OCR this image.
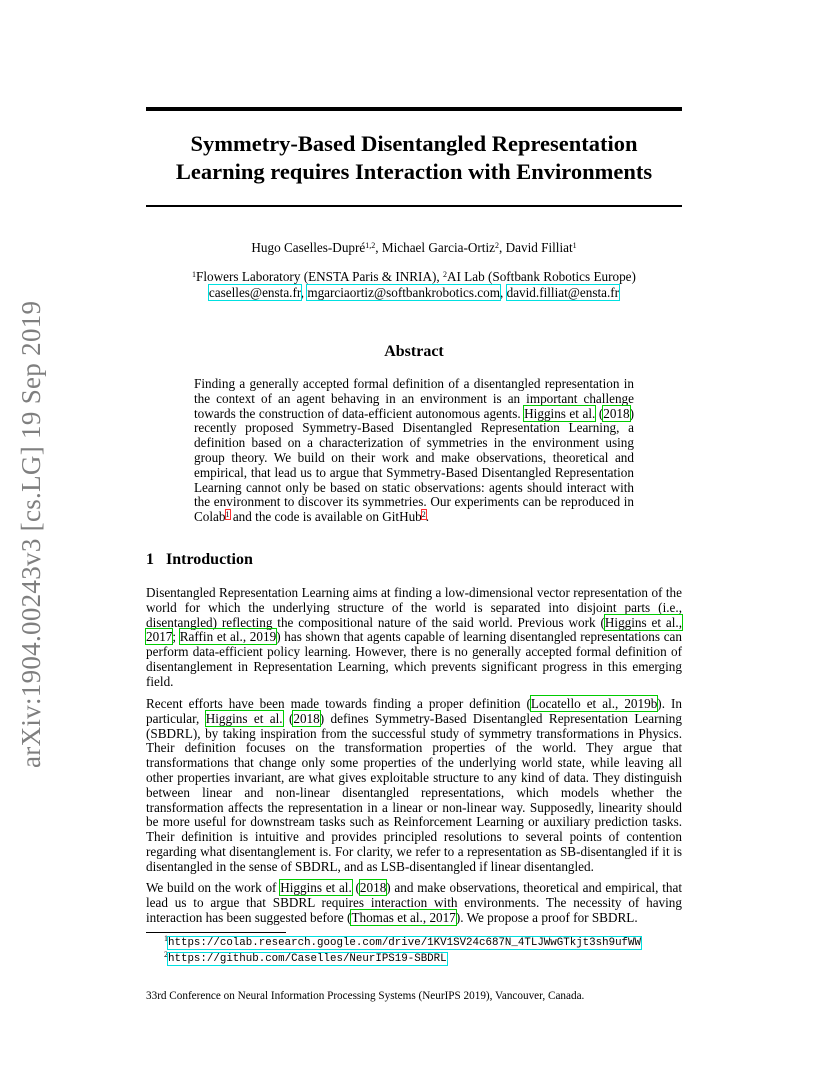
arXiv:1904.00243v3 [cs.LG] 19 Sep 2019
Symmetry-Based Disentangled Representation
Learning requires Interaction with Environments
Hugo Caselles-Dupré$^{1,2}$, Michael Garcia-Ortiz$^2$, David Filliat$^1$
$^1$Flowers Laboratory (ENSTA Paris & INRIA), $^2$AI Lab (Softbank Robotics Europe)
caselles@ensta.fr, mgarciaortiz@softbankrobotics.com, david.filliat@ensta.fr
Abstract
Finding a generally accepted formal definition of a disentangled representation in the context of an agent behaving in an environment is an important challenge towards the construction of data-efficient autonomous agents. Higgins et al. (2018) recently proposed Symmetry-Based Disentangled Representation Learning, a definition based on a characterization of symmetries in the environment using group theory. We build on their work and make observations, theoretical and empirical, that lead us to argue that Symmetry-Based Disentangled Representation Learning cannot only be based on static observations: agents should interact with the environment to discover its symmetries. Our experiments can be reproduced in Colab$^1$ and the code is available on GitHub$^2$.
1 Introduction
Disentangled Representation Learning aims at finding a low-dimensional vector representation of the world for which the underlying structure of the world is separated into disjoint parts (i.e., disentangled) reflecting the compositional nature of the said world. Previous work (Higgins et al., 2017; Raffin et al., 2019) has shown that agents capable of learning disentangled representations can perform data-efficient policy learning. However, there is no generally accepted formal definition of disentanglement in Representation Learning, which prevents significant progress in this emerging field.
Recent efforts have been made towards finding a proper definition (Locatello et al., 2019b). In particular, Higgins et al. (2018) defines Symmetry-Based Disentangled Representation Learning (SBDRL), by taking inspiration from the successful study of symmetry transformations in Physics. Their definition focuses on the transformation properties of the world. They argue that transformations that change only some properties of the underlying world state, while leaving all other properties invariant, are what gives exploitable structure to any kind of data. They distinguish between linear and non-linear disentangled representations, which models whether the transformation affects the representation in a linear or non-linear way. Supposedly, linearity should be more useful for downstream tasks such as Reinforcement Learning or auxiliary prediction tasks. Their definition is intuitive and provides principled resolutions to several points of contention regarding what disentanglement is. For clarity, we refer to a representation as SB-disentangled if it is disentangled in the sense of SBDRL, and as LSB-disentangled if linear disentangled.
We build on the work of Higgins et al. (2018) and make observations, theoretical and empirical, that lead us to argue that SBDRL requires interaction with environments. The necessity of having interaction has been suggested before (Thomas et al., 2017). We propose a proof for SBDRL.
$^1$https://colab.research.google.com/drive/1KV1SV24c687N_4TLJWwGTkjt3sh9ufWW
$^2$https://github.com/Caselles/NeurIPS19-SBDRL
33rd Conference on Neural Information Processing Systems (NeurIPS 2019), Vancouver, Canada.
